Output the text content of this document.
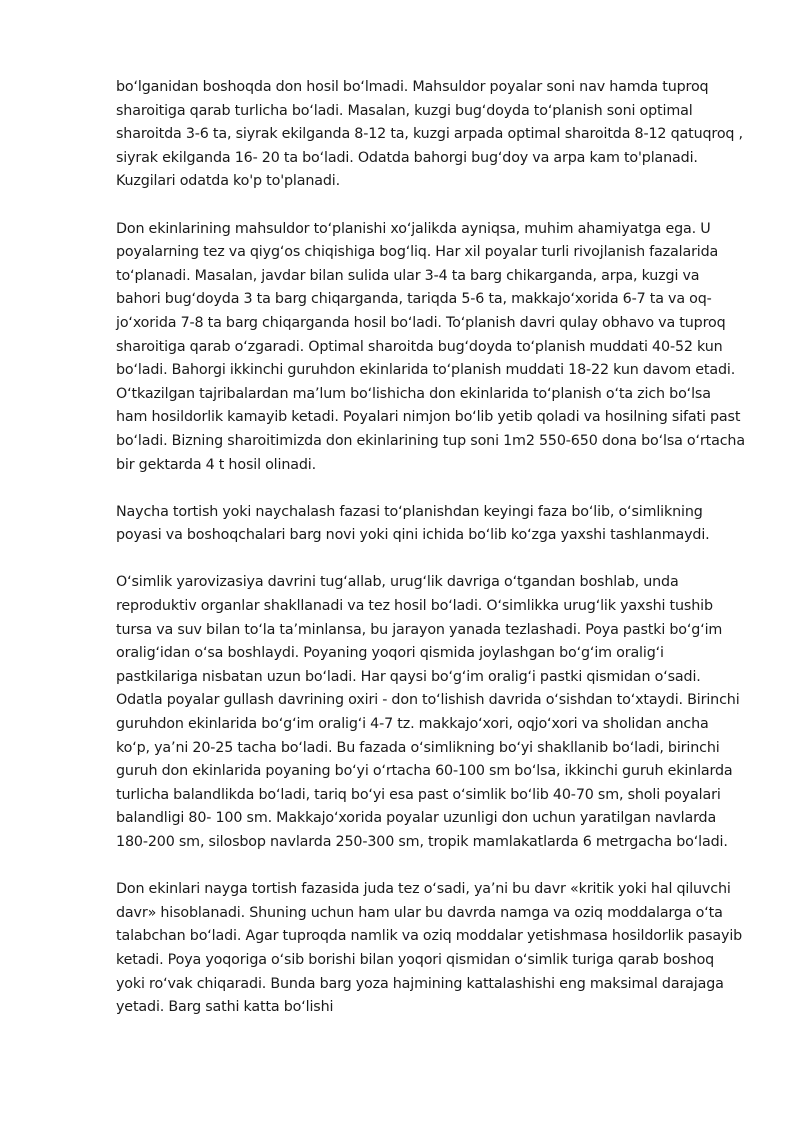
boʻlganidan boshoqda don hosil boʻlmadi. Mahsuldor poyalar soni nav hamda tuproq sharoitiga qarab turlicha boʻladi. Masalan, kuzgi bugʻdoyda toʻplanish soni optimal sharoitda 3-6 ta, siyrak ekilganda 8-12 ta, kuzgi arpada optimal sharoitda 8-12 qatuqroq , siyrak ekilganda 16- 20 ta boʻladi. Odatda bahorgi bugʻdoy va arpa kam to'planadi. Kuzgilari odatda ko'p to'planadi.

Don ekinlarining mahsuldor toʻplanishi xoʻjalikda ayniqsa, muhim ahamiyatga ega. U poyalarning tez va qiygʻos chiqishiga bogʻliq. Har xil poyalar turli rivojlanish fazalarida toʻplanadi. Masalan, javdar bilan sulida ular 3-4 ta barg chikarganda, arpa, kuzgi va bahori bugʻdoyda 3 ta barg chiqarganda, tariqda 5-6 ta, makkajoʻxorida 6-7 ta va oq-joʻxorida 7-8 ta barg chiqarganda hosil boʻladi. Toʻplanish davri qulay obhavo va tuproq sharoitiga qarab oʻzgaradi. Optimal sharoitda bugʻdoyda toʻplanish muddati 40-52 kun boʻladi. Bahorgi ikkinchi guruhdon ekinlarida toʻplanish muddati 18-22 kun davom etadi. Oʻtkazilgan tajribalardan ma’lum boʻlishicha don ekinlarida toʻplanish oʻta zich boʻlsa ham hosildorlik kamayib ketadi. Poyalari nimjon boʻlib yetib qoladi va hosilning sifati past boʻladi. Bizning sharoitimizda don ekinlarining tup soni 1m2 550-650 dona boʻlsa oʻrtacha bir gektarda 4 t hosil olinadi.

Naycha tortish yoki naychalash fazasi toʻplanishdan keyingi faza boʻlib, oʻsimlikning poyasi va boshoqchalari barg novi yoki qini ichida boʻlib koʻzga yaxshi tashlanmaydi.

Oʻsimlik yarovizasiya davrini tugʻallab, urugʻlik davriga oʻtgandan boshlab, unda reproduktiv organlar shakllanadi va tez hosil boʻladi. Oʻsimlikka urugʻlik yaxshi tushib tursa va suv bilan toʻla ta’minlansa, bu jarayon yanada tezlashadi. Poya pastki boʻgʻim oraligʻidan oʻsa boshlaydi. Poyaning yoqori qismida joylashgan boʻgʻim oraligʻi pastkilariga nisbatan uzun boʻladi. Har qaysi boʻgʻim oraligʻi pastki qismidan oʻsadi. Odatla poyalar gullash davrining oxiri - don toʻlishish davrida oʻsishdan toʻxtaydi. Birinchi guruhdon ekinlarida boʻgʻim oraligʻi 4-7 tz. makkajoʻxori, oqjoʻxori va sholidan ancha koʻp, ya’ni 20-25 tacha boʻladi. Bu fazada oʻsimlikning boʻyi shakllanib boʻladi, birinchi guruh don ekinlarida poyaning boʻyi oʻrtacha 60-100 sm boʻlsa, ikkinchi guruh ekinlarda turlicha balandlikda boʻladi, tariq boʻyi esa past oʻsimlik boʻlib 40-70 sm, sholi poyalari balandligi 80- 100 sm. Makkajoʻxorida poyalar uzunligi don uchun yaratilgan navlarda 180-200 sm, silosbop navlarda 250-300 sm, tropik mamlakatlarda 6 metrgacha boʻladi.

Don ekinlari nayga tortish fazasida juda tez oʻsadi, ya’ni bu davr «kritik yoki hal qiluvchi davr» hisoblanadi. Shuning uchun ham ular bu davrda namga va oziq moddalarga oʻta talabchan boʻladi. Agar tuproqda namlik va oziq moddalar yetishmasa hosildorlik pasayib ketadi. Poya yoqoriga oʻsib borishi bilan yoqori qismidan oʻsimlik turiga qarab boshoq yoki roʻvak chiqaradi. Bunda barg yoza hajmining kattalashishi eng maksimal darajaga yetadi. Barg sathi katta boʻlishi
